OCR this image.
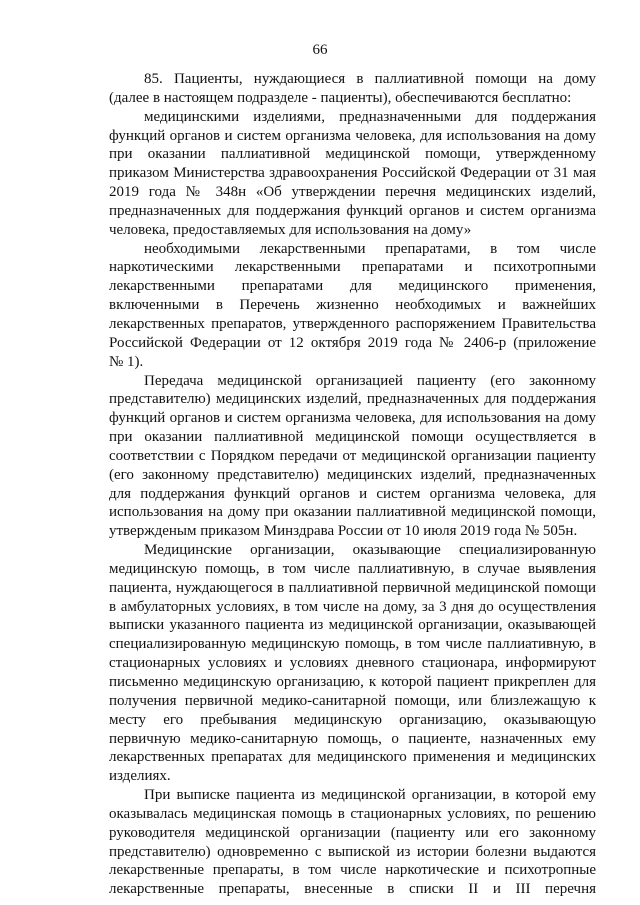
66
85. Пациенты, нуждающиеся в паллиативной помощи на дому
(далее в настоящем подразделе - пациенты), обеспечиваются бесплатно:
медицинскими изделиями, предназначенными для поддержания
функций органов и систем организма человека, для использования на дому
при оказании паллиативной медицинской помощи, утвержденному
приказом Министерства здравоохранения Российской Федерации от 31 мая
2019 года № 348н «Об утверждении перечня медицинских изделий,
предназначенных для поддержания функций органов и систем организма
человека, предоставляемых для использования на дому»
необходимыми лекарственными препаратами, в том числе
наркотическими лекарственными препаратами и психотропными
лекарственными препаратами для медицинского применения,
включенными в Перечень жизненно необходимых и важнейших
лекарственных препаратов, утвержденного распоряжением Правительства
Российской Федерации от 12 октября 2019 года № 2406-р (приложение
№ 1).
Передача медицинской организацией пациенту (его законному
представителю) медицинских изделий, предназначенных для поддержания
функций органов и систем организма человека, для использования на дому
при оказании паллиативной медицинской помощи осуществляется в
соответствии с Порядком передачи от медицинской организации пациенту
(его законному представителю) медицинских изделий, предназначенных
для поддержания функций органов и систем организма человека, для
использования на дому при оказании паллиативной медицинской помощи,
утвержденым приказом Минздрава России от 10 июля 2019 года № 505н.
Медицинские организации, оказывающие специализированную
медицинскую помощь, в том числе паллиативную, в случае выявления
пациента, нуждающегося в паллиативной первичной медицинской помощи
в амбулаторных условиях, в том числе на дому, за 3 дня до осуществления
выписки указанного пациента из медицинской организации, оказывающей
специализированную медицинскую помощь, в том числе паллиативную, в
стационарных условиях и условиях дневного стационара, информируют
письменно медицинскую организацию, к которой пациент прикреплен для
получения первичной медико-санитарной помощи, или близлежащую к
месту его пребывания медицинскую организацию, оказывающую
первичную медико-санитарную помощь, о пациенте, назначенных ему
лекарственных препаратах для медицинского применения и медицинских
изделиях.
При выписке пациента из медицинской организации, в которой ему
оказывалась медицинская помощь в стационарных условиях, по решению
руководителя медицинской организации (пациенту или его законному
представителю) одновременно с выпиской из истории болезни выдаются
лекарственные препараты, в том числе наркотические и психотропные
лекарственные препараты, внесенные в списки II и III перечня
